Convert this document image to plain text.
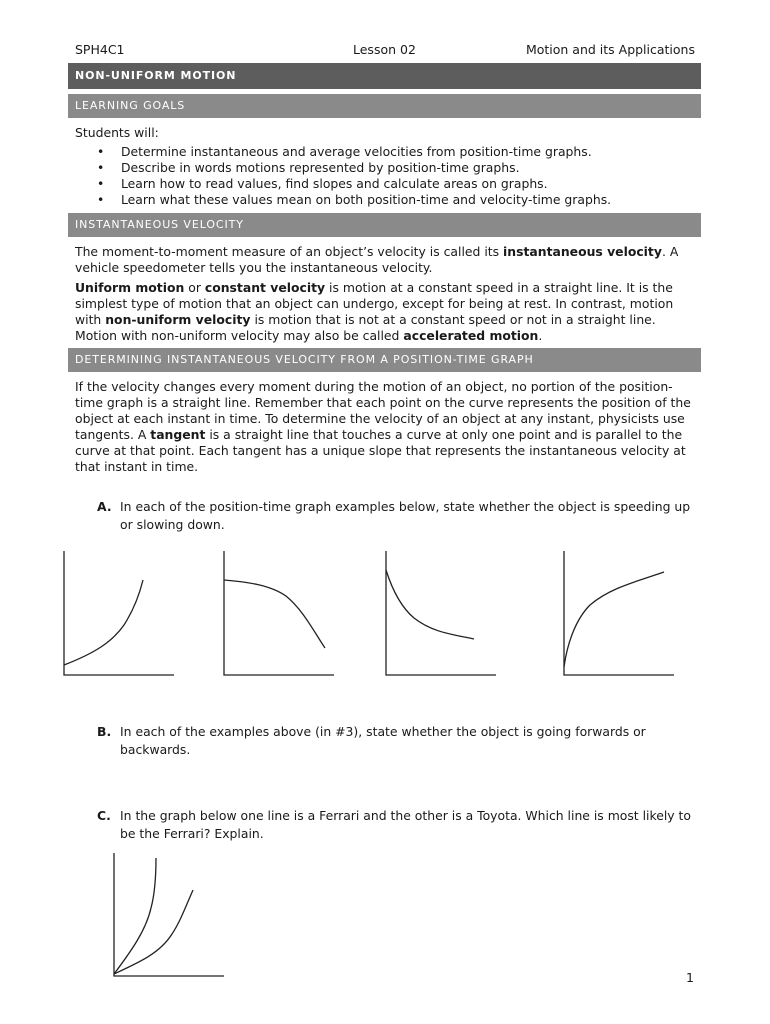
SPH4C1	Lesson 02	Motion and its Applications
NON-UNIFORM MOTION
LEARNING GOALS
Students will:
• Determine instantaneous and average velocities from position-time graphs.
• Describe in words motions represented by position-time graphs.
• Learn how to read values, find slopes and calculate areas on graphs.
• Learn what these values mean on both position-time and velocity-time graphs.
INSTANTANEOUS VELOCITY
The moment-to-moment measure of an object’s velocity is called its instantaneous velocity. A vehicle speedometer tells you the instantaneous velocity.
Uniform motion or constant velocity is motion at a constant speed in a straight line. It is the simplest type of motion that an object can undergo, except for being at rest. In contrast, motion with non-uniform velocity is motion that is not at a constant speed or not in a straight line. Motion with non-uniform velocity may also be called accelerated motion.
DETERMINING INSTANTANEOUS VELOCITY FROM A POSITION-TIME GRAPH
If the velocity changes every moment during the motion of an object, no portion of the position-time graph is a straight line. Remember that each point on the curve represents the position of the object at each instant in time. To determine the velocity of an object at any instant, physicists use tangents. A tangent is a straight line that touches a curve at only one point and is parallel to the curve at that point. Each tangent has a unique slope that represents the instantaneous velocity at that instant in time.
A. In each of the position-time graph examples below, state whether the object is speeding up or slowing down.
B. In each of the examples above (in #3), state whether the object is going forwards or backwards.
C. In the graph below one line is a Ferrari and the other is a Toyota. Which line is most likely to be the Ferrari? Explain.
1
